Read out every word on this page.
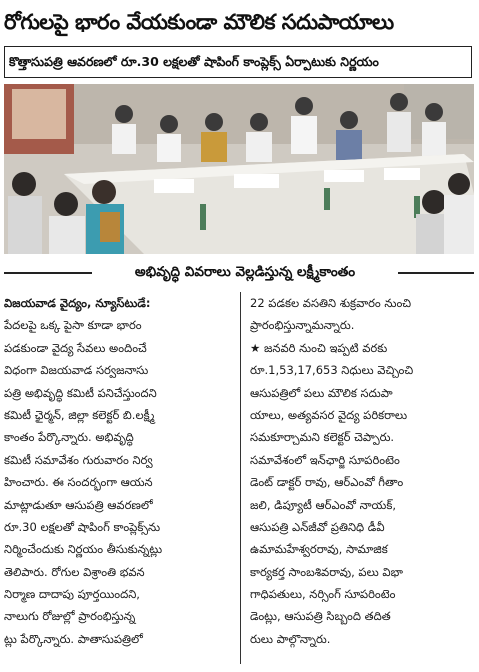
రోగులపై భారం వేయకుండా మౌలిక సదుపాయాలు
కొత్తాసుపత్రి ఆవరణలో రూ.30 లక్షలతో షాపింగ్ కాంప్లెక్స్ ఏర్పాటుకు నిర్ణయం
అభివృద్ధి వివరాలు వెల్లడిస్తున్న లక్ష్మీకాంతం
విజయవాడ వైద్యం, న్యూస్‌టుడే:
పేదలపై ఒక్క పైసా కూడా భారం
పడకుండా వైద్య సేవలు అందించే
విధంగా విజయవాడ సర్వజనాసు
పత్రి అభివృద్ధి కమిటీ పనిచేస్తుందని
కమిటీ ఛైర్మన్, జిల్లా కలెక్టర్ బి.లక్ష్మీ
కాంతం పేర్కొన్నారు. అభివృద్ధి
కమిటీ సమావేశం గురువారం నిర్వ
హించారు. ఈ సందర్భంగా ఆయన
మాట్లాడుతూ ఆసుపత్రి ఆవరణలో
రూ.30 లక్షలతో షాపింగ్ కాంప్లెక్స్‌ను
నిర్మించేందుకు నిర్ణయం తీసుకున్నట్లు
తెలిపారు. రోగుల విశ్రాంతి భవన
నిర్మాణ దాదాపు పూర్తయిందని,
నాలుగు రోజుల్లో ప్రారంభిస్తున్న
ట్లు పేర్కొన్నారు. పాతాసుపత్రిలో
22 పడకల వసతిని శుక్రవారం నుంచి
ప్రారంభిస్తున్నామన్నారు.
★ జనవరి నుంచి ఇప్పటి వరకు
రూ.1,53,17,653 నిధులు వెచ్చించి
ఆసుపత్రిలో పలు మౌలిక సదుపా
యాలు, అత్యవసర వైద్య పరికరాలు
సమకూర్చామని కలెక్టర్ చెప్పారు.
సమావేశంలో ఇన్‌ఛార్జి సూపరింటెం
డెంట్ డాక్టర్ రావు, ఆర్ఎంవో గీతాం
జలి, డిప్యూటీ ఆర్ఎంవో నాయక్,
ఆసుపత్రి ఎన్‌జీవో ప్రతినిధి డీవీ
ఉమామహేశ్వరరావు, సామాజిక
కార్యకర్త సాంబశివరావు, పలు విభా
గాధిపతులు, నర్సింగ్ సూపరింటెం
డెంట్లు, ఆసుపత్రి సిబ్బంది తదిత
రులు పాల్గొన్నారు.
